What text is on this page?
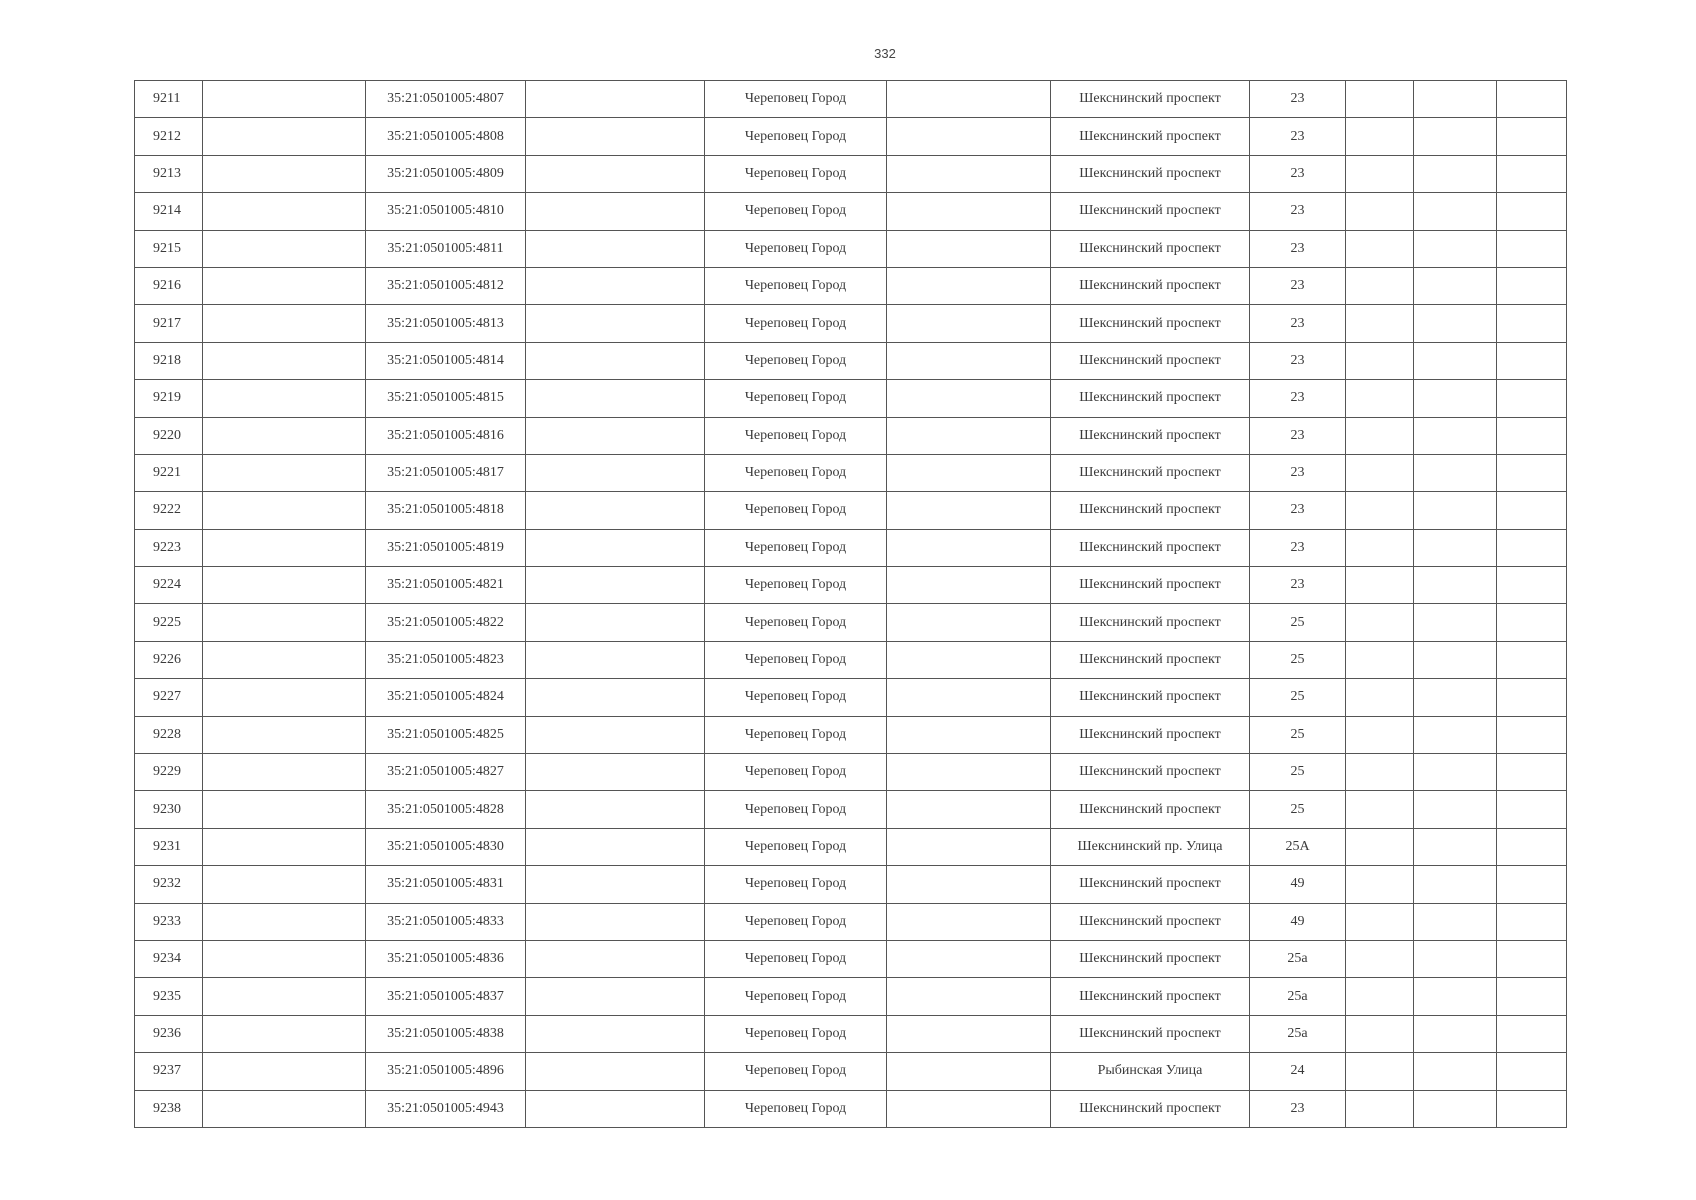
332
9211		35:21:0501005:4807		Череповец Город		Шекснинский проспект	23			
9212		35:21:0501005:4808		Череповец Город		Шекснинский проспект	23			
9213		35:21:0501005:4809		Череповец Город		Шекснинский проспект	23			
9214		35:21:0501005:4810		Череповец Город		Шекснинский проспект	23			
9215		35:21:0501005:4811		Череповец Город		Шекснинский проспект	23			
9216		35:21:0501005:4812		Череповец Город		Шекснинский проспект	23			
9217		35:21:0501005:4813		Череповец Город		Шекснинский проспект	23			
9218		35:21:0501005:4814		Череповец Город		Шекснинский проспект	23			
9219		35:21:0501005:4815		Череповец Город		Шекснинский проспект	23			
9220		35:21:0501005:4816		Череповец Город		Шекснинский проспект	23			
9221		35:21:0501005:4817		Череповец Город		Шекснинский проспект	23			
9222		35:21:0501005:4818		Череповец Город		Шекснинский проспект	23			
9223		35:21:0501005:4819		Череповец Город		Шекснинский проспект	23			
9224		35:21:0501005:4821		Череповец Город		Шекснинский проспект	23			
9225		35:21:0501005:4822		Череповец Город		Шекснинский проспект	25			
9226		35:21:0501005:4823		Череповец Город		Шекснинский проспект	25			
9227		35:21:0501005:4824		Череповец Город		Шекснинский проспект	25			
9228		35:21:0501005:4825		Череповец Город		Шекснинский проспект	25			
9229		35:21:0501005:4827		Череповец Город		Шекснинский проспект	25			
9230		35:21:0501005:4828		Череповец Город		Шекснинский проспект	25			
9231		35:21:0501005:4830		Череповец Город		Шекснинский пр. Улица	25А			
9232		35:21:0501005:4831		Череповец Город		Шекснинский проспект	49			
9233		35:21:0501005:4833		Череповец Город		Шекснинский проспект	49			
9234		35:21:0501005:4836		Череповец Город		Шекснинский проспект	25а			
9235		35:21:0501005:4837		Череповец Город		Шекснинский проспект	25а			
9236		35:21:0501005:4838		Череповец Город		Шекснинский проспект	25а			
9237		35:21:0501005:4896		Череповец Город		Рыбинская Улица	24			
9238		35:21:0501005:4943		Череповец Город		Шекснинский проспект	23			
